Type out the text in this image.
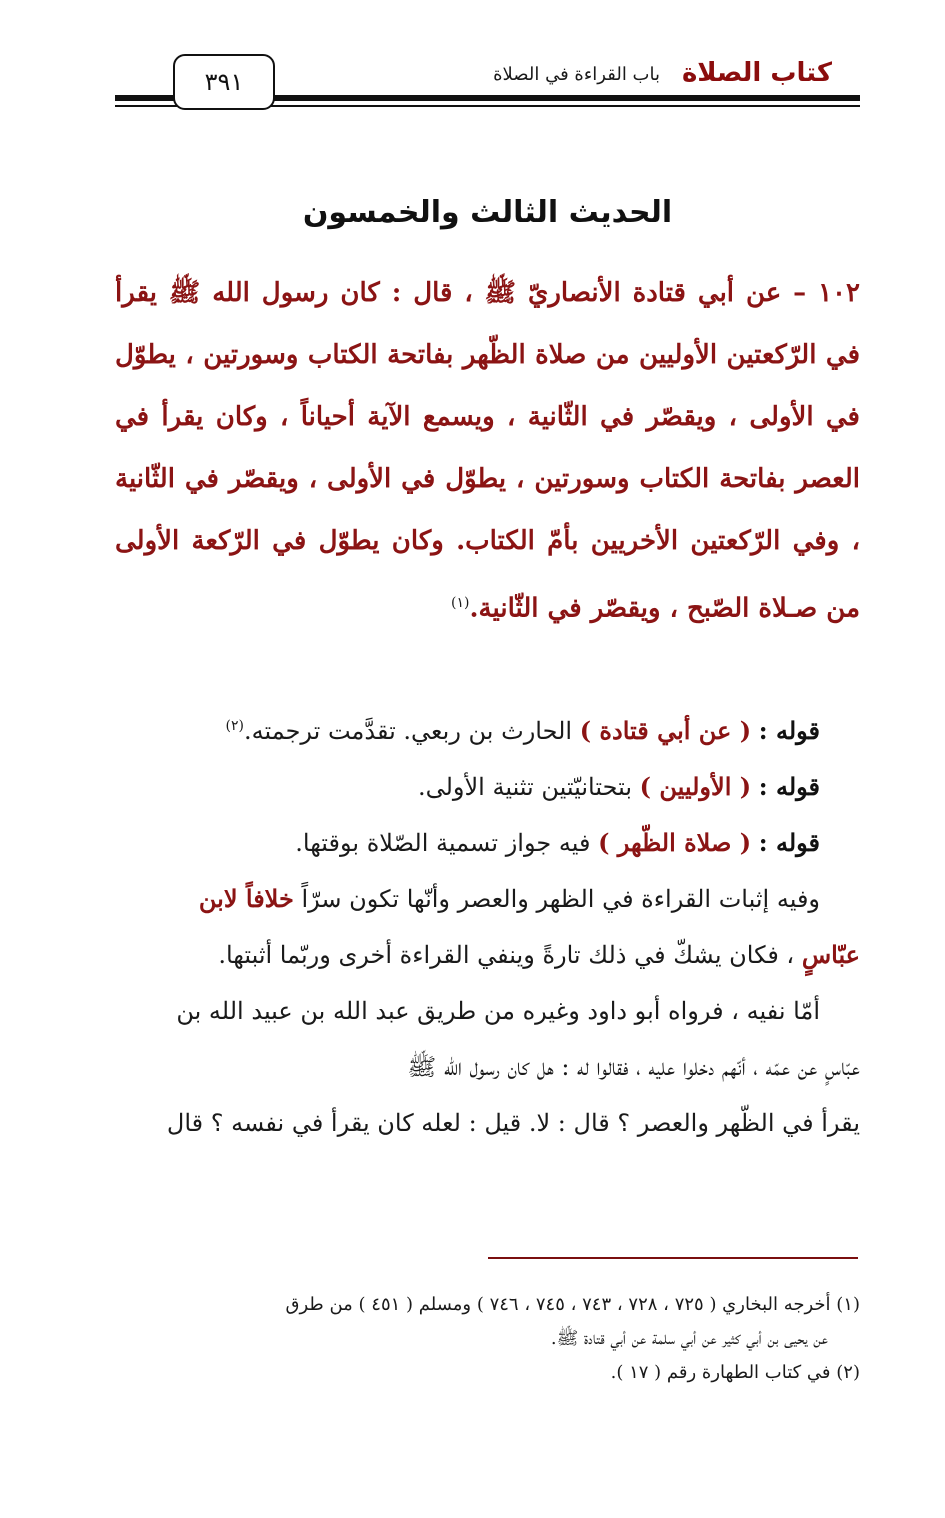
كتاب الصلاة
باب القراءة في الصلاة
٣٩١
الحديث الثالث والخمسون

١٠٢ – عن أبي قتادة الأنصاريّ ﷺ ، قال : كان رسول الله ﷺ يقرأ في الرّكعتين الأوليين من صلاة الظّهر بفاتحة الكتاب وسورتين ، يطوّل في الأولى ، ويقصّر في الثّانية ، ويسمع الآية أحياناً ، وكان يقرأ في العصر بفاتحة الكتاب وسورتين ، يطوّل في الأولى ، ويقصّر في الثّانية ، وفي الرّكعتين الأخريين بأمّ الكتاب. وكان يطوّل في الرّكعة الأولى من صـلاة الصّبح ، ويقصّر في الثّانية.$^{(١)}$

قوله : ( عن أبي قتادة ) الحارث بن ربعي. تقدَّمت ترجمته.$^{(٢)}$
قوله : ( الأوليين ) بتحتانيّتين تثنية الأولى.
قوله : ( صلاة الظّهر ) فيه جواز تسمية الصّلاة بوقتها.
وفيه إثبات القراءة في الظهر والعصر وأنّها تكون سرّاً خلافاً لابن
عبّاسٍ ، فكان يشكّ في ذلك تارةً وينفي القراءة أخرى وربّما أثبتها.
أمّا نفيه ، فرواه أبو داود وغيره من طريق عبد الله بن عبيد الله بن
عبّاسٍ عن عمّه ، أنّهم دخلوا عليه ، فقالوا له : هل كان رسول الله ﷺ
يقرأ في الظّهر والعصر ؟ قال : لا. قيل : لعله كان يقرأ في نفسه ؟ قال
(١) أخرجه البخاري ( ٧٢٥ ، ٧٢٨ ، ٧٤٣ ، ٧٤٥ ، ٧٤٦ ) ومسلم ( ٤٥١ ) من طرق
عن يحيى بن أبي كثير عن أبي سلمة عن أبي قتادة ﷺ.
(٢) في كتاب الطهارة رقم ( ١٧ ).
